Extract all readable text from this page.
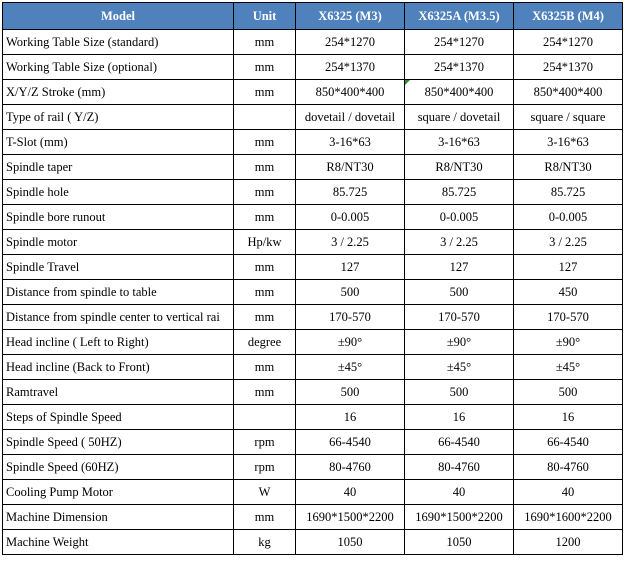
Model	Unit	X6325 (M3)	X6325A (M3.5)	X6325B (M4)
Working Table Size (standard)	mm	254*1270	254*1270	254*1270
Working Table Size (optional)	mm	254*1370	254*1370	254*1370
X/Y/Z Stroke (mm)	mm	850*400*400	850*400*400	850*400*400
Type of rail ( Y/Z)		dovetail / dovetail	square / dovetail	square / square
T-Slot (mm)	mm	3-16*63	3-16*63	3-16*63
Spindle taper	mm	R8/NT30	R8/NT30	R8/NT30
Spindle hole	mm	85.725	85.725	85.725
Spindle bore runout	mm	0-0.005	0-0.005	0-0.005
Spindle motor	Hp/kw	3 / 2.25	3 / 2.25	3 / 2.25
Spindle Travel	mm	127	127	127
Distance from spindle to table	mm	500	500	450
Distance from spindle center to vertical rai	mm	170-570	170-570	170-570
Head incline ( Left to Right)	degree	±90°	±90°	±90°
Head incline (Back to Front)	mm	±45°	±45°	±45°
Ramtravel	mm	500	500	500
Steps of Spindle Speed		16	16	16
Spindle Speed ( 50HZ)	rpm	66-4540	66-4540	66-4540
Spindle Speed (60HZ)	rpm	80-4760	80-4760	80-4760
Cooling Pump Motor	W	40	40	40
Machine Dimension	mm	1690*1500*2200	1690*1500*2200	1690*1600*2200
Machine Weight	kg	1050	1050	1200
